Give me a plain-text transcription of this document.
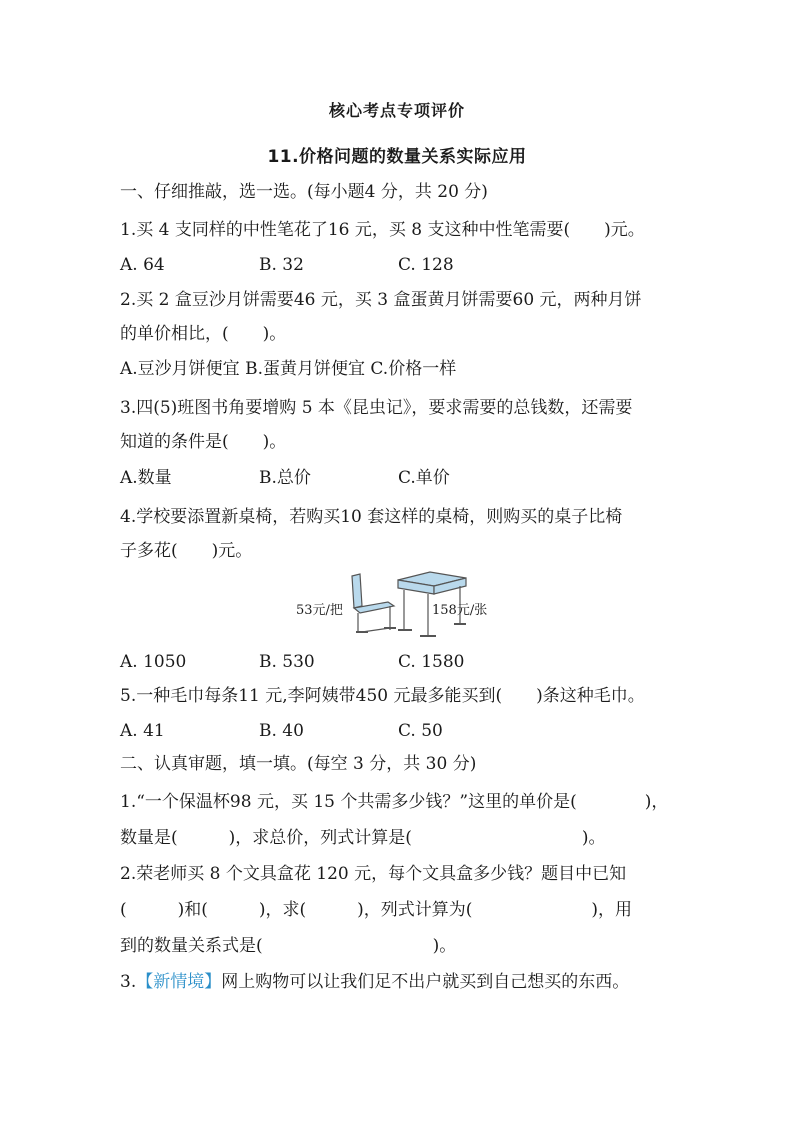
核心考点专项评价
11.价格问题的数量关系实际应用
一、仔细推敲，选一选。(每小题4 分，共 20 分)
1.买 4 支同样的中性笔花了16 元，买 8 支这种中性笔需要(　　)元。
A. 64	B. 32	C. 128
2.买 2 盒豆沙月饼需要46 元，买 3 盒蛋黄月饼需要60 元，两种月饼
的单价相比，(　　)。
A.豆沙月饼便宜 B.蛋黄月饼便宜 C.价格一样
3.四(5)班图书角要增购 5 本《昆虫记》，要求需要的总钱数，还需要
知道的条件是(　　)。
A.数量	B.总价	C.单价
4.学校要添置新桌椅，若购买10 套这样的桌椅，则购买的桌子比椅
子多花(　　)元。
53元/把	158元/张
A. 1050	B. 530	C. 1580
5.一种毛巾每条11 元,李阿姨带450 元最多能买到(　　)条这种毛巾。
A. 41	B. 40	C. 50
二、认真审题，填一填。(每空 3 分，共 30 分)
1.“一个保温杯98 元，买 15 个共需多少钱？”这里的单价是(　　　　)，
数量是(　　　)，求总价，列式计算是(　　　　　　　　　　)。
2.荣老师买 8 个文具盒花 120 元，每个文具盒多少钱？题目中已知
(　　　)和(　　　)，求(　　　)，列式计算为(　　　　　　　)，用
到的数量关系式是(　　　　　　　　　　)。
3.【新情境】网上购物可以让我们足不出户就买到自己想买的东西。
